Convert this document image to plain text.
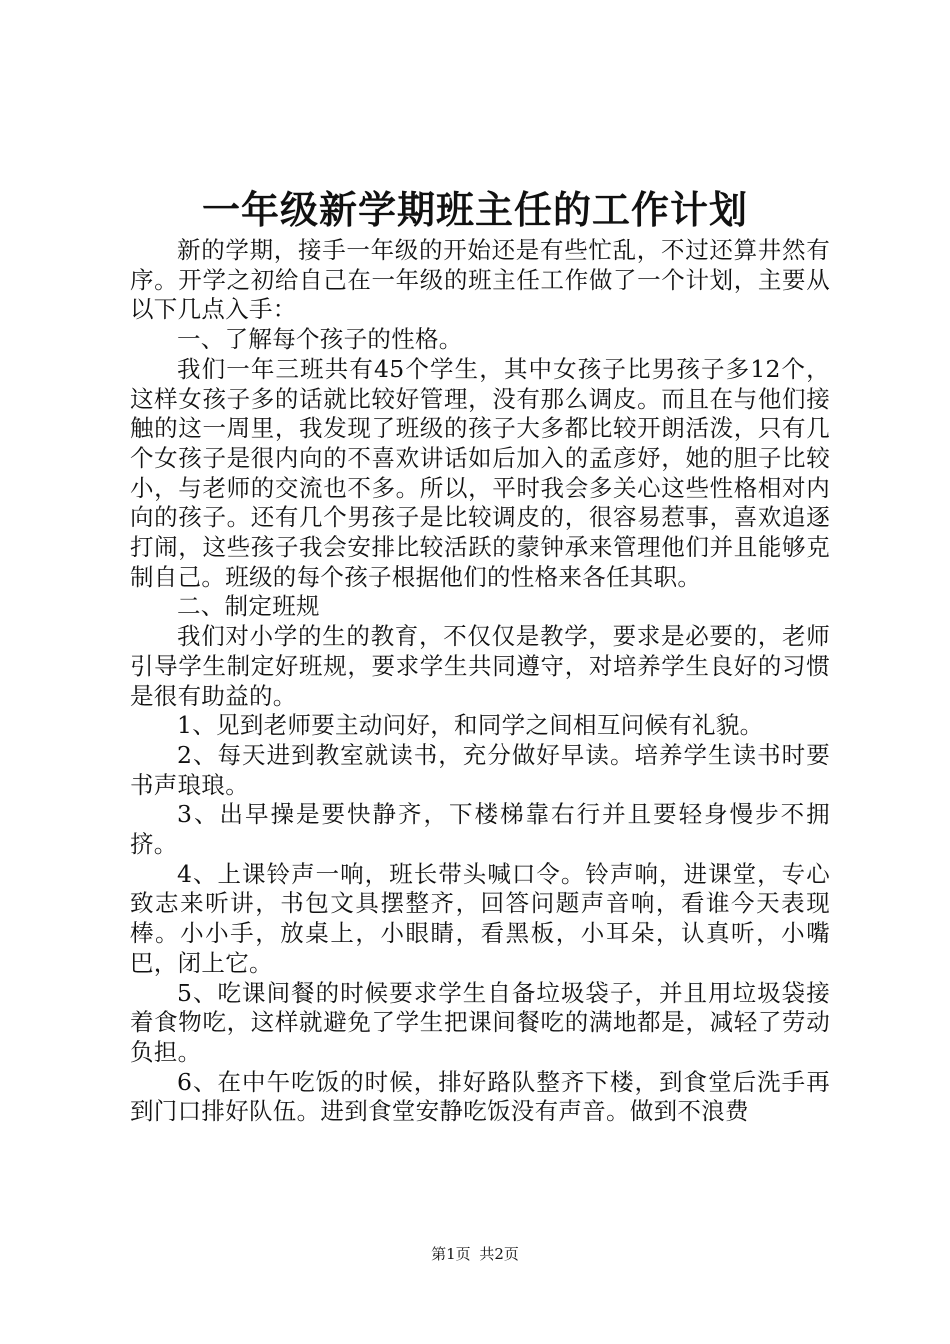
一年级新学期班主任的工作计划

新的学期，接手一年级的开始还是有些忙乱，不过还算井然有序。开学之初给自己在一年级的班主任工作做了一个计划，主要从以下几点入手：

一、了解每个孩子的性格。

我们一年三班共有45个学生，其中女孩子比男孩子多12个，这样女孩子多的话就比较好管理，没有那么调皮。而且在与他们接触的这一周里，我发现了班级的孩子大多都比较开朗活泼，只有几个女孩子是很内向的不喜欢讲话如后加入的孟彦妤，她的胆子比较小，与老师的交流也不多。所以，平时我会多关心这些性格相对内向的孩子。还有几个男孩子是比较调皮的，很容易惹事，喜欢追逐打闹，这些孩子我会安排比较活跃的蒙钟承来管理他们并且能够克制自己。班级的每个孩子根据他们的性格来各任其职。

二、制定班规

我们对小学的生的教育，不仅仅是教学，要求是必要的，老师引导学生制定好班规，要求学生共同遵守，对培养学生良好的习惯是很有助益的。

1、见到老师要主动问好，和同学之间相互问候有礼貌。

2、每天进到教室就读书，充分做好早读。培养学生读书时要书声琅琅。

3、出早操是要快静齐，下楼梯靠右行并且要轻身慢步不拥挤。

4、上课铃声一响，班长带头喊口令。铃声响，进课堂，专心致志来听讲，书包文具摆整齐，回答问题声音响，看谁今天表现棒。小小手，放桌上，小眼睛，看黑板，小耳朵，认真听，小嘴巴，闭上它。

5、吃课间餐的时候要求学生自备垃圾袋子，并且用垃圾袋接着食物吃，这样就避免了学生把课间餐吃的满地都是，减轻了劳动负担。

6、在中午吃饭的时候，排好路队整齐下楼，到食堂后洗手再到门口排好队伍。进到食堂安静吃饭没有声音。做到不浪费

第1页 共2页
